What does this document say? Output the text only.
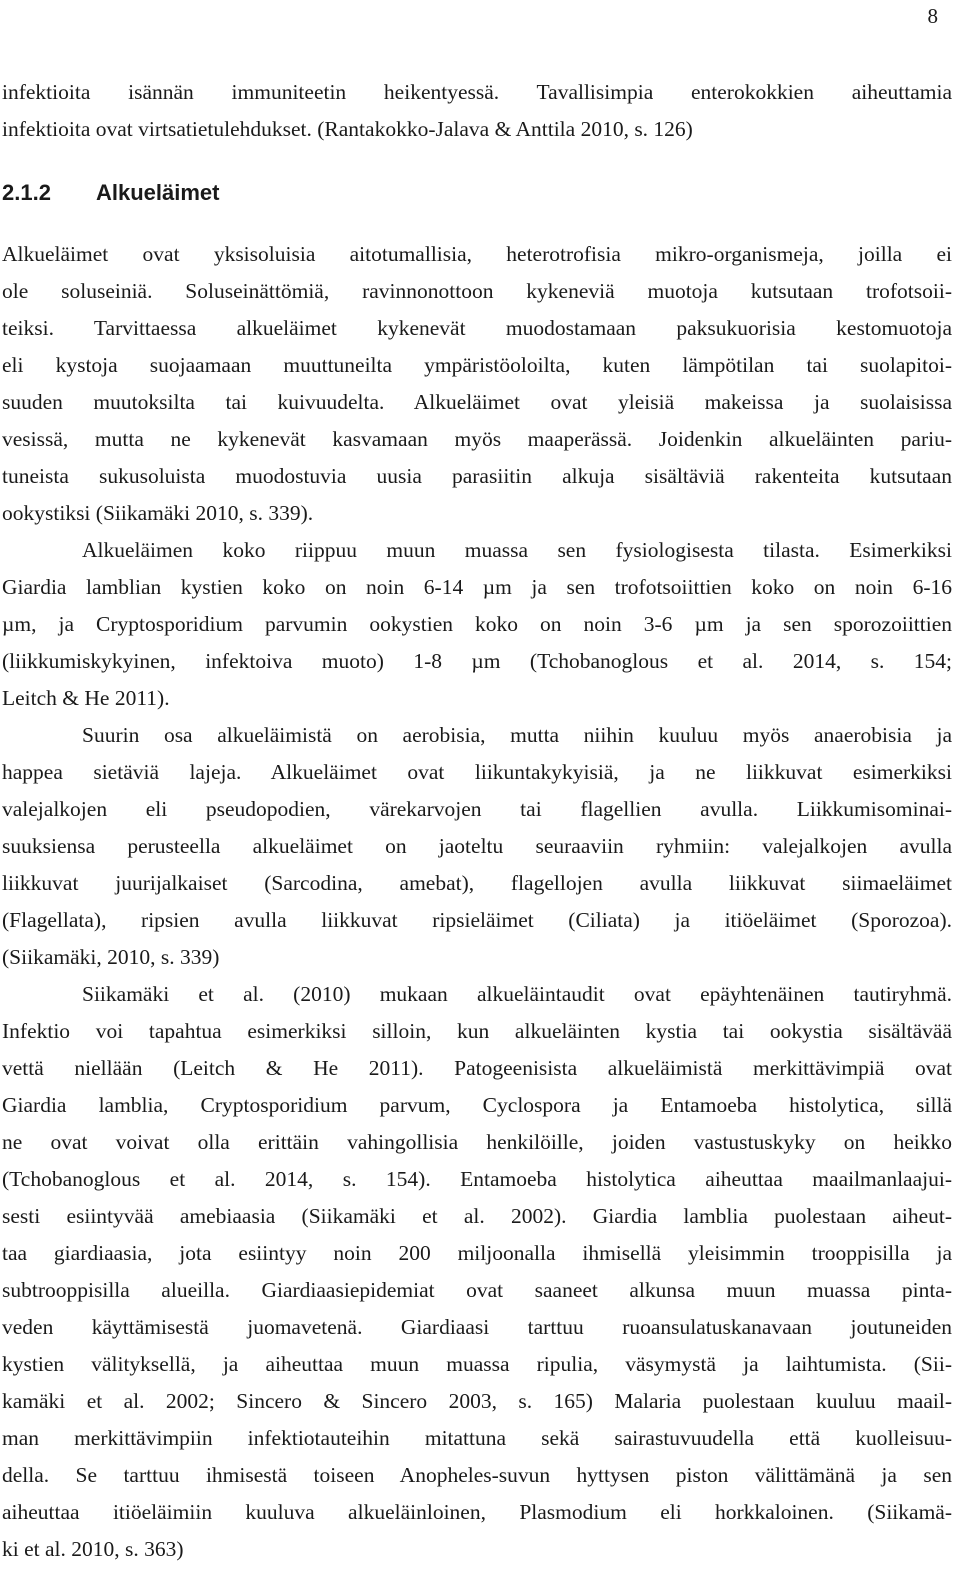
8
infektioita isännän immuniteetin heikentyessä. Tavallisimpia enterokokkien aiheuttamia
infektioita ovat virtsatietulehdukset. (Rantakokko-Jalava & Anttila 2010, s. 126)
2.1.2 Alkueläimet
Alkueläimet ovat yksisoluisia aitotumallisia, heterotrofisia mikro-organismeja, joilla ei
ole soluseiniä. Soluseinättömiä, ravinnonottoon kykeneviä muotoja kutsutaan trofotsoii-
teiksi. Tarvittaessa alkueläimet kykenevät muodostamaan paksukuorisia kestomuotoja
eli kystoja suojaamaan muuttuneilta ympäristöoloilta, kuten lämpötilan tai suolapitoi-
suuden muutoksilta tai kuivuudelta. Alkueläimet ovat yleisiä makeissa ja suolaisissa
vesissä, mutta ne kykenevät kasvamaan myös maaperässä. Joidenkin alkueläinten pariu-
tuneista sukusoluista muodostuvia uusia parasiitin alkuja sisältäviä rakenteita kutsutaan
ookystiksi (Siikamäki 2010, s. 339).
Alkueläimen koko riippuu muun muassa sen fysiologisesta tilasta. Esimerkiksi
Giardia lamblian kystien koko on noin 6-14 µm ja sen trofotsoiittien koko on noin 6-16
µm, ja Cryptosporidium parvumin ookystien koko on noin 3-6 µm ja sen sporozoiittien
(liikkumiskykyinen, infektoiva muoto) 1-8 µm (Tchobanoglous et al. 2014, s. 154;
Leitch & He 2011).
Suurin osa alkueläimistä on aerobisia, mutta niihin kuuluu myös anaerobisia ja
happea sietäviä lajeja. Alkueläimet ovat liikuntakykyisiä, ja ne liikkuvat esimerkiksi
valejalkojen eli pseudopodien, värekarvojen tai flagellien avulla. Liikkumisominai-
suuksiensa perusteella alkueläimet on jaoteltu seuraaviin ryhmiin: valejalkojen avulla
liikkuvat juurijalkaiset (Sarcodina, amebat), flagellojen avulla liikkuvat siimaeläimet
(Flagellata), ripsien avulla liikkuvat ripsieläimet (Ciliata) ja itiöeläimet (Sporozoa).
(Siikamäki, 2010, s. 339)
Siikamäki et al. (2010) mukaan alkueläintaudit ovat epäyhtenäinen tautiryhmä.
Infektio voi tapahtua esimerkiksi silloin, kun alkueläinten kystia tai ookystia sisältävää
vettä niellään (Leitch & He 2011). Patogeenisista alkueläimistä merkittävimpiä ovat
Giardia lamblia, Cryptosporidium parvum, Cyclospora ja Entamoeba histolytica, sillä
ne ovat voivat olla erittäin vahingollisia henkilöille, joiden vastustuskyky on heikko
(Tchobanoglous et al. 2014, s. 154). Entamoeba histolytica aiheuttaa maailmanlaajui-
sesti esiintyvää amebiaasia (Siikamäki et al. 2002). Giardia lamblia puolestaan aiheut-
taa giardiaasia, jota esiintyy noin 200 miljoonalla ihmisellä yleisimmin trooppisilla ja
subtrooppisilla alueilla. Giardiaasiepidemiat ovat saaneet alkunsa muun muassa pinta-
veden käyttämisestä juomavetenä. Giardiaasi tarttuu ruoansulatuskanavaan joutuneiden
kystien välityksellä, ja aiheuttaa muun muassa ripulia, väsymystä ja laihtumista. (Sii-
kamäki et al. 2002; Sincero & Sincero 2003, s. 165) Malaria puolestaan kuuluu maail-
man merkittävimpiin infektiotauteihin mitattuna sekä sairastuvuudella että kuolleisuu-
della. Se tarttuu ihmisestä toiseen Anopheles-suvun hyttysen piston välittämänä ja sen
aiheuttaa itiöeläimiin kuuluva alkueläinloinen, Plasmodium eli horkkaloinen. (Siikamä-
ki et al. 2010, s. 363)
